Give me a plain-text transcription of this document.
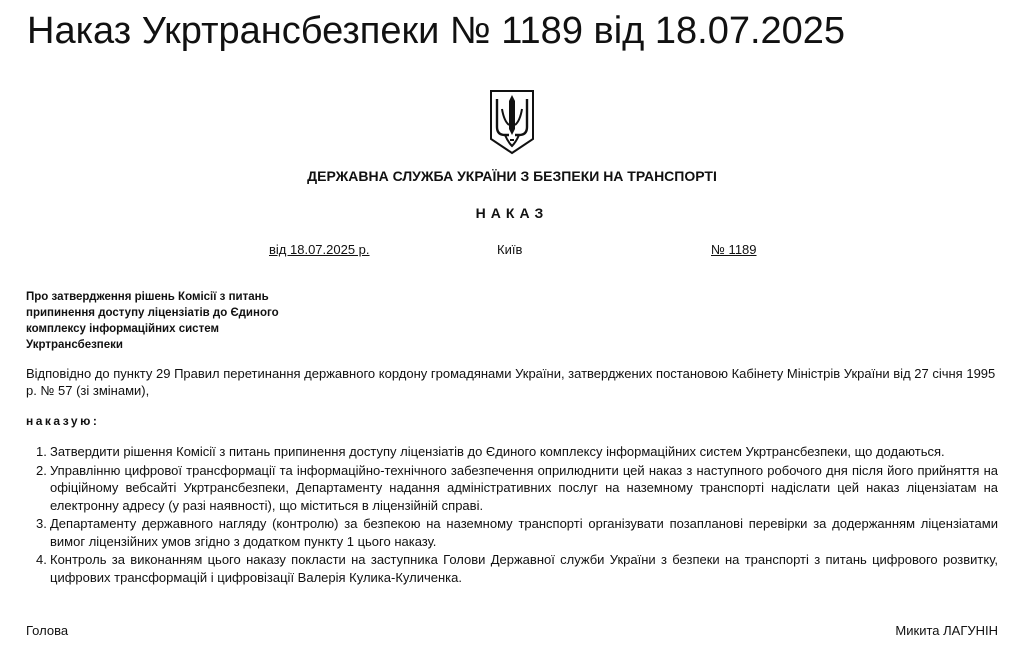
Наказ Укртрансбезпеки № 1189 від 18.07.2025
ДЕРЖАВНА СЛУЖБА УКРАЇНИ З БЕЗПЕКИ НА ТРАНСПОРТІ
НАКАЗ
від 18.07.2025 р.	Київ	№ 1189
Про затвердження рішень Комісії з питань
припинення доступу ліцензіатів до Єдиного
комплексу інформаційних систем
Укртрансбезпеки
Відповідно до пункту 29 Правил перетинання державного кордону громадянами України, затверджених постановою Кабінету Міністрів України від 27 січня 1995 р. № 57 (зі змінами),
наказую:
1. Затвердити рішення Комісії з питань припинення доступу ліцензіатів до Єдиного комплексу інформаційних систем Укртрансбезпеки, що додаються.
2. Управлінню цифрової трансформації та інформаційно-технічного забезпечення оприлюднити цей наказ з наступного робочого дня після його прийняття на офіційному вебсайті Укртрансбезпеки, Департаменту надання адміністративних послуг на наземному транспорті надіслати цей наказ ліцензіатам на електронну адресу (у разі наявності), що міститься в ліцензійній справі.
3. Департаменту державного нагляду (контролю) за безпекою на наземному транспорті організувати позапланові перевірки за додержанням ліцензіатами вимог ліцензійних умов згідно з додатком пункту 1 цього наказу.
4. Контроль за виконанням цього наказу покласти на заступника Голови Державної служби України з безпеки на транспорті з питань цифрового розвитку, цифрових трансформацій і цифровізації Валерія Кулика-Куличенка.
Голова	Микита ЛАГУНІН
